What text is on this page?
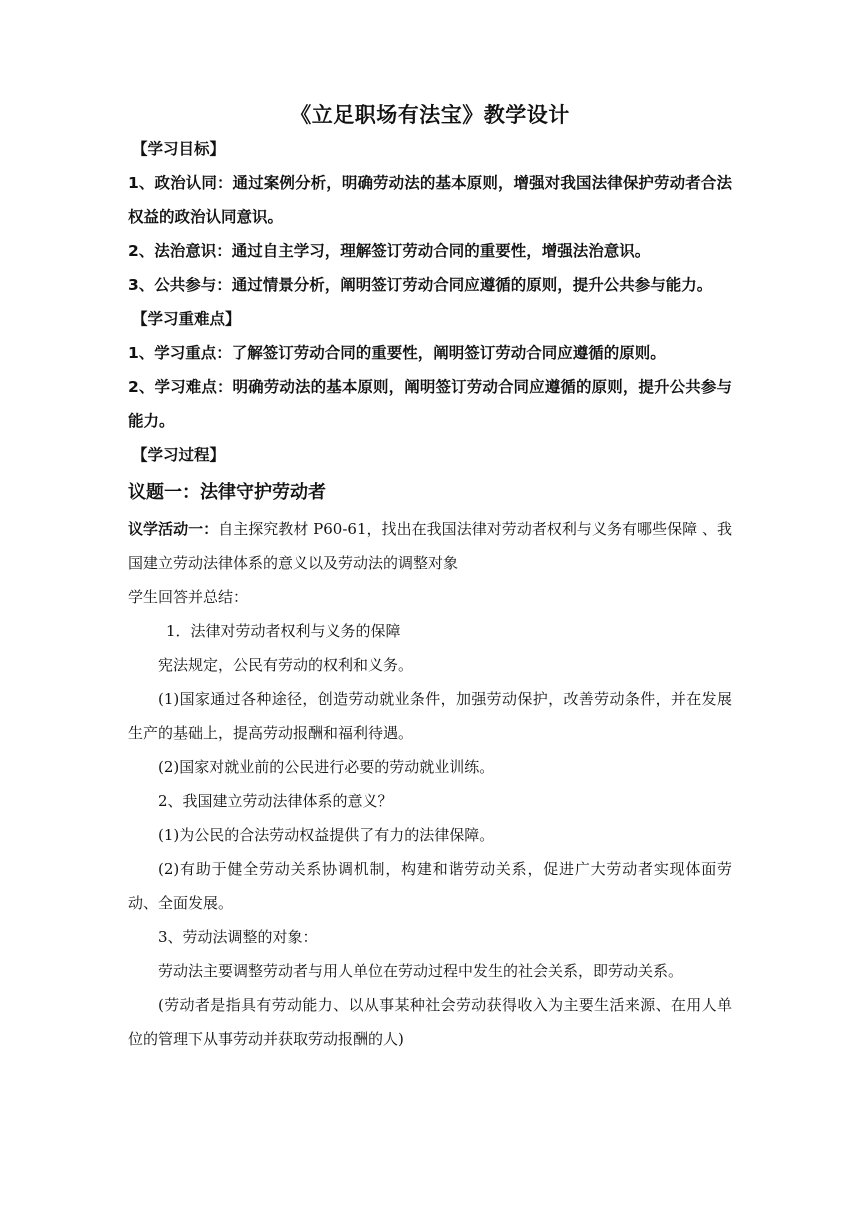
《立足职场有法宝》教学设计
【学习目标】

1、政治认同：通过案例分析，明确劳动法的基本原则，增强对我国法律保护劳动者合法权益的政治认同意识。

2、法治意识：通过自主学习，理解签订劳动合同的重要性，增强法治意识。

3、公共参与：通过情景分析，阐明签订劳动合同应遵循的原则，提升公共参与能力。

【学习重难点】

1、学习重点：了解签订劳动合同的重要性，阐明签订劳动合同应遵循的原则。

2、学习难点：明确劳动法的基本原则，阐明签订劳动合同应遵循的原则，提升公共参与能力。

【学习过程】
议题一：法律守护劳动者

议学活动一：自主探究教材 P60-61，找出在我国法律对劳动者权利与义务有哪些保障 、我国建立劳动法律体系的意义以及劳动法的调整对象

学生回答并总结：

1．法律对劳动者权利与义务的保障

宪法规定，公民有劳动的权利和义务。

(1)国家通过各种途径，创造劳动就业条件，加强劳动保护，改善劳动条件，并在发展生产的基础上，提高劳动报酬和福利待遇。

(2)国家对就业前的公民进行必要的劳动就业训练。

2、我国建立劳动法律体系的意义？

(1)为公民的合法劳动权益提供了有力的法律保障。

(2)有助于健全劳动关系协调机制，构建和谐劳动关系，促进广大劳动者实现体面劳动、全面发展。

3、劳动法调整的对象：

劳动法主要调整劳动者与用人单位在劳动过程中发生的社会关系，即劳动关系。

(劳动者是指具有劳动能力、以从事某种社会劳动获得收入为主要生活来源、在用人单位的管理下从事劳动并获取劳动报酬的人)
